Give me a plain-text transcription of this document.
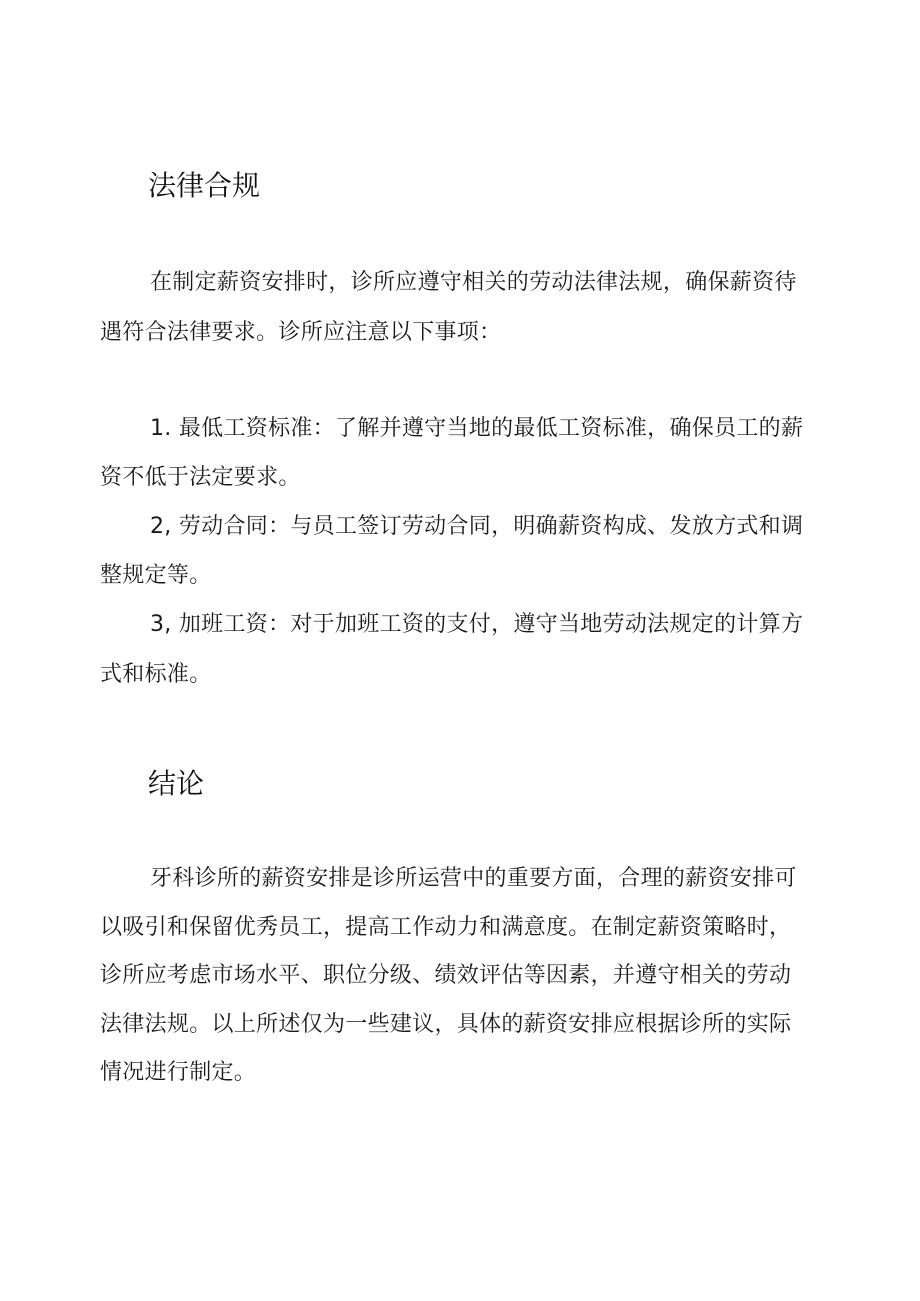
法律合规
在制定薪资安排时，诊所应遵守相关的劳动法律法规，确保薪资待
遇符合法律要求。诊所应注意以下事项：
1. 最低工资标准：了解并遵守当地的最低工资标准，确保员工的薪
资不低于法定要求。
2, 劳动合同：与员工签订劳动合同，明确薪资构成、发放方式和调
整规定等。
3, 加班工资：对于加班工资的支付，遵守当地劳动法规定的计算方
式和标准。
结论
牙科诊所的薪资安排是诊所运营中的重要方面，合理的薪资安排可
以吸引和保留优秀员工，提高工作动力和满意度。在制定薪资策略时，
诊所应考虑市场水平、职位分级、绩效评估等因素，并遵守相关的劳动
法律法规。以上所述仅为一些建议，具体的薪资安排应根据诊所的实际
情况进行制定。
